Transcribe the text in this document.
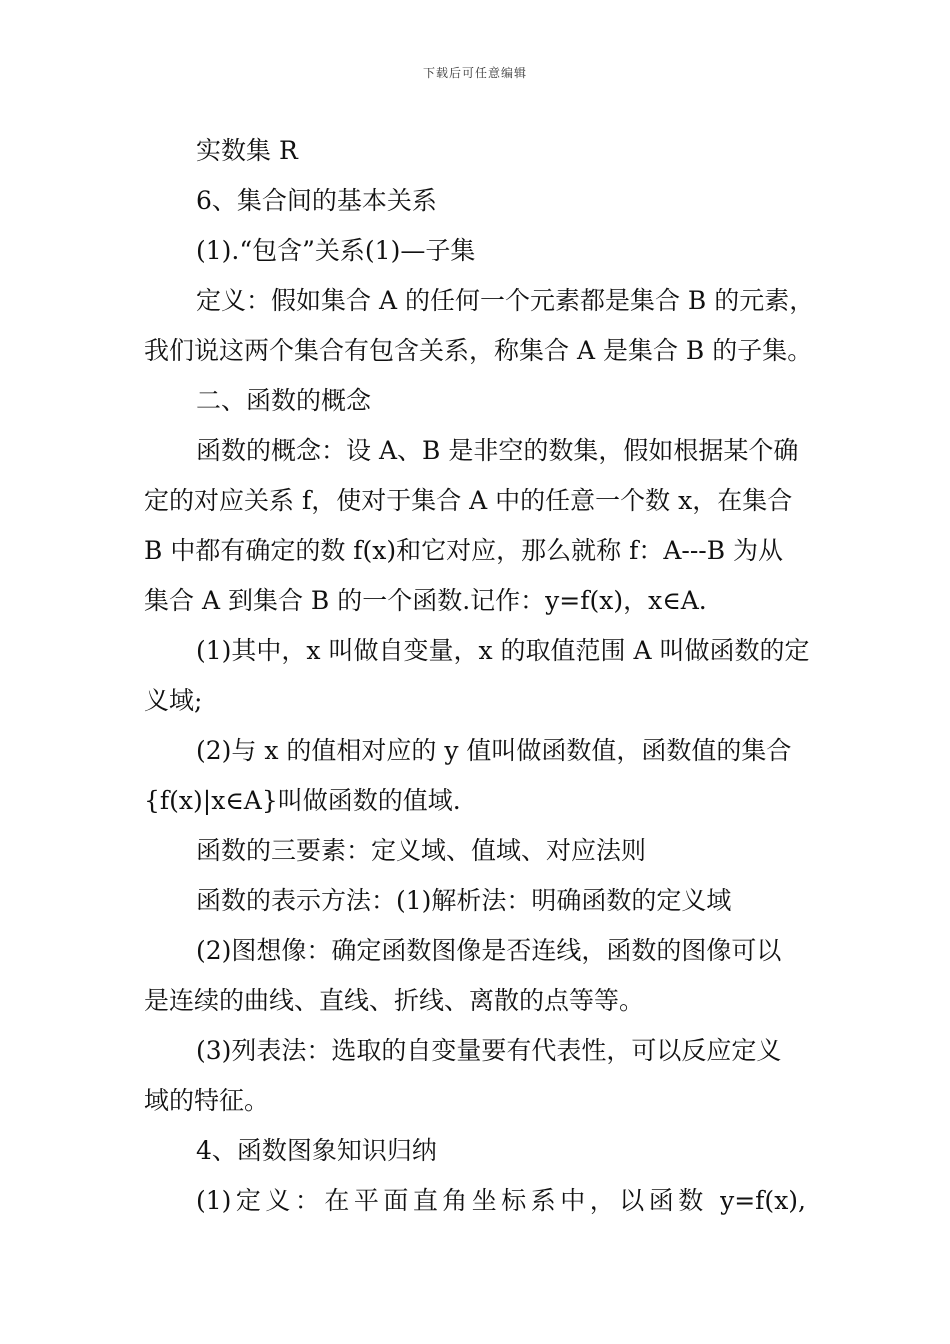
下载后可任意编辑
实数集 R
6、集合间的基本关系
(1).“包含”关系(1)—子集
定义：假如集合 A 的任何一个元素都是集合 B 的元素，
我们说这两个集合有包含关系，称集合 A 是集合 B 的子集。
二、函数的概念
函数的概念：设 A、B 是非空的数集，假如根据某个确
定的对应关系 f，使对于集合 A 中的任意一个数 x，在集合
B 中都有确定的数 f(x)和它对应，那么就称 f：A---B 为从
集合 A 到集合 B 的一个函数.记作：y=f(x)，x∈A.
(1)其中，x 叫做自变量，x 的取值范围 A 叫做函数的定
义域;
(2)与 x 的值相对应的 y 值叫做函数值，函数值的集合
{f(x)|x∈A}叫做函数的值域.
函数的三要素：定义域、值域、对应法则
函数的表示方法：(1)解析法：明确函数的定义域
(2)图想像：确定函数图像是否连线，函数的图像可以
是连续的曲线、直线、折线、离散的点等等。
(3)列表法：选取的自变量要有代表性，可以反应定义
域的特征。
4、函数图象知识归纳
(1)定义：在平面直角坐标系中，以函数 y=f(x),
